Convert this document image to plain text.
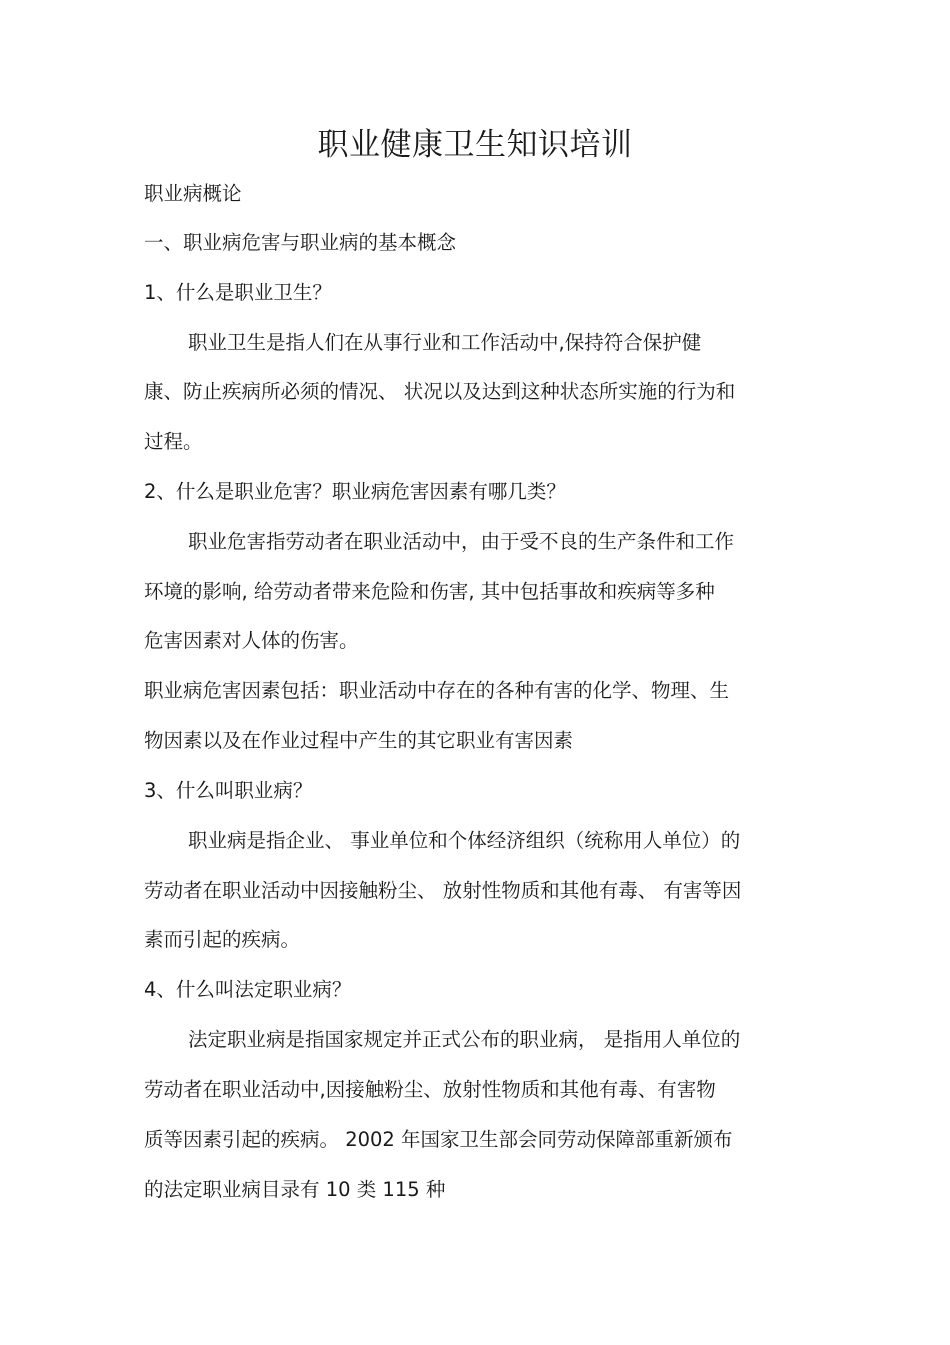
职业健康卫生知识培训
职业病概论
一、职业病危害与职业病的基本概念
1、什么是职业卫生？
职业卫生是指人们在从事行业和工作活动中,保持符合保护健
康、防止疾病所必须的情况、 状况以及达到这种状态所实施的行为和
过程。
2、什么是职业危害？职业病危害因素有哪几类？
职业危害指劳动者在职业活动中，由于受不良的生产条件和工作
环境的影响, 给劳动者带来危险和伤害, 其中包括事故和疾病等多种
危害因素对人体的伤害。
职业病危害因素包括：职业活动中存在的各种有害的化学、物理、生
物因素以及在作业过程中产生的其它职业有害因素
3、什么叫职业病？
职业病是指企业、 事业单位和个体经济组织（统称用人单位）的
劳动者在职业活动中因接触粉尘、 放射性物质和其他有毒、 有害等因
素而引起的疾病。
4、什么叫法定职业病？
法定职业病是指国家规定并正式公布的职业病， 是指用人单位的
劳动者在职业活动中,因接触粉尘、放射性物质和其他有毒、有害物
质等因素引起的疾病。 2002 年国家卫生部会同劳动保障部重新颁布
的法定职业病目录有 10 类 115 种
